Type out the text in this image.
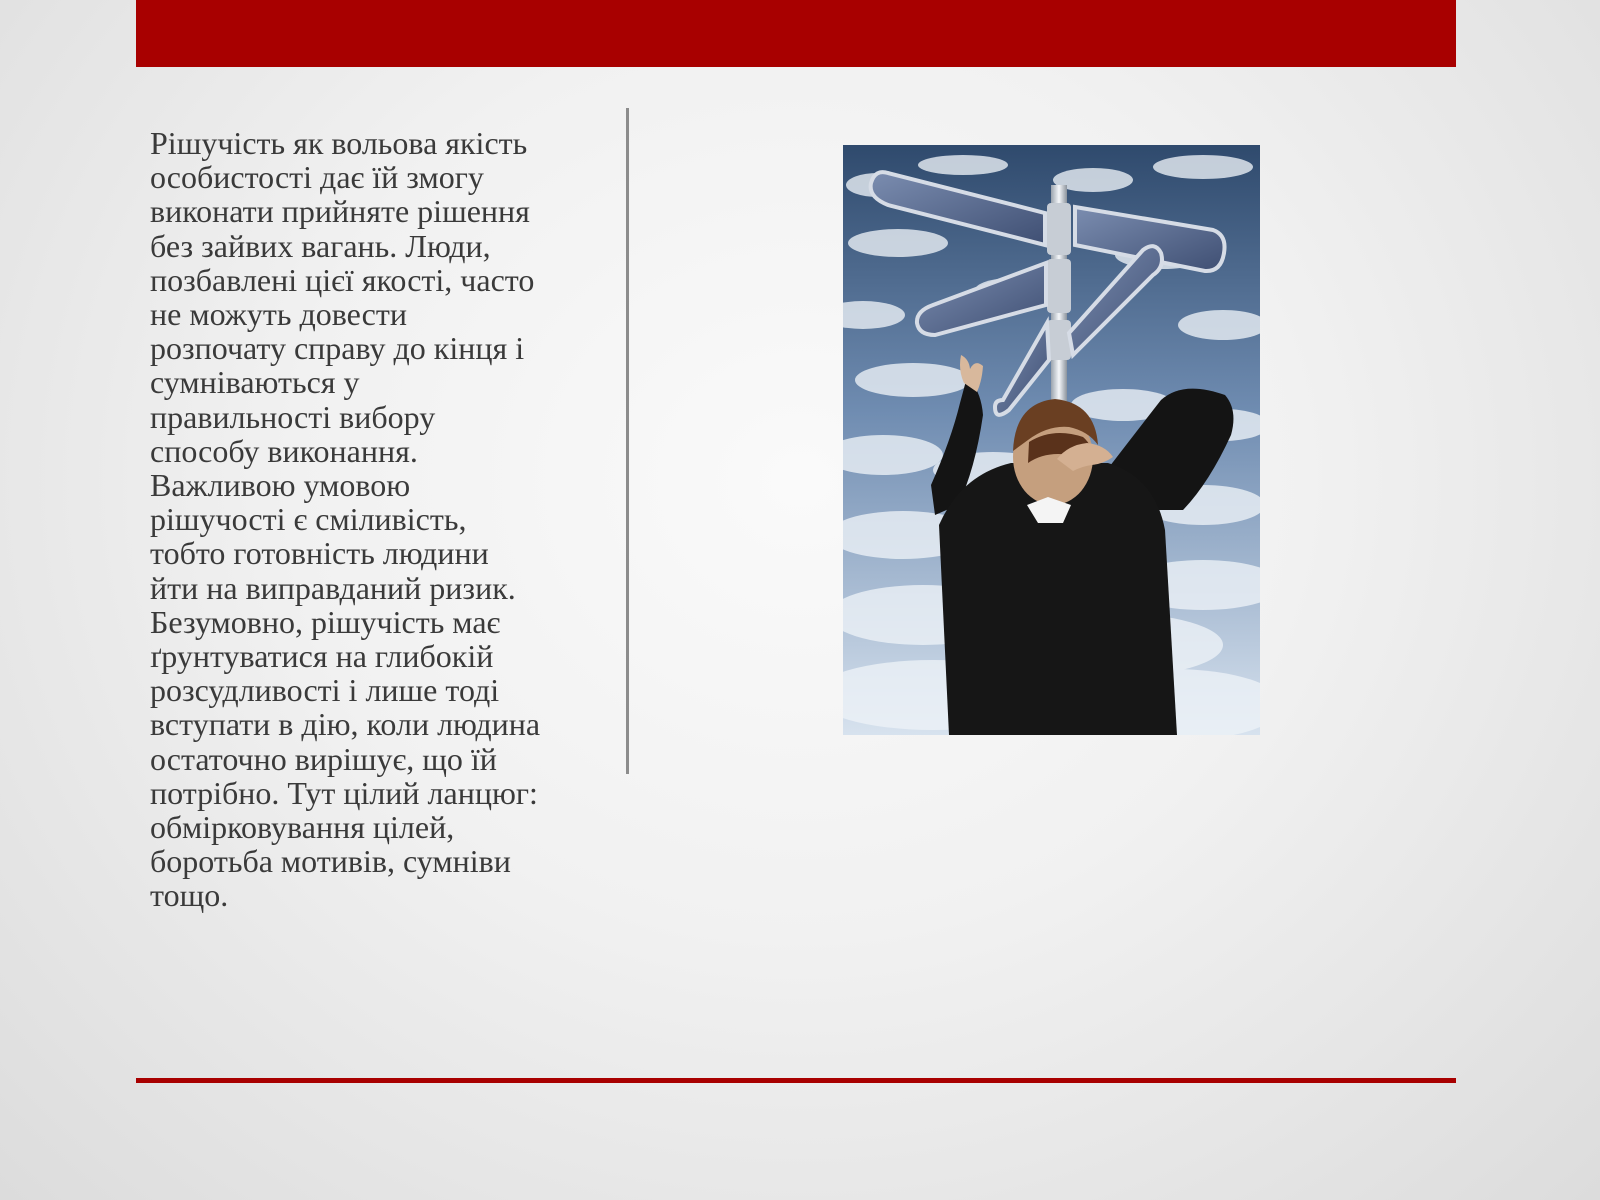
Рішучість як вольова якість
особистості дає їй змогу
виконати прийняте рішення
без зайвих вагань. Люди,
позбавлені цієї якості, часто
не можуть довести
розпочату справу до кінця і
сумніваються у
правильності вибору
способу виконання.
Важливою умовою
рішучості є сміливість,
тобто готовність людини
йти на виправданий ризик.
Безумовно, рішучість має
ґрунтуватися на глибокій
розсудливості і лише тоді
вступати в дію, коли людина
остаточно вирішує, що їй
потрібно. Тут цілий ланцюг:
обмірковування цілей,
боротьба мотивів, сумніви
тощо.
